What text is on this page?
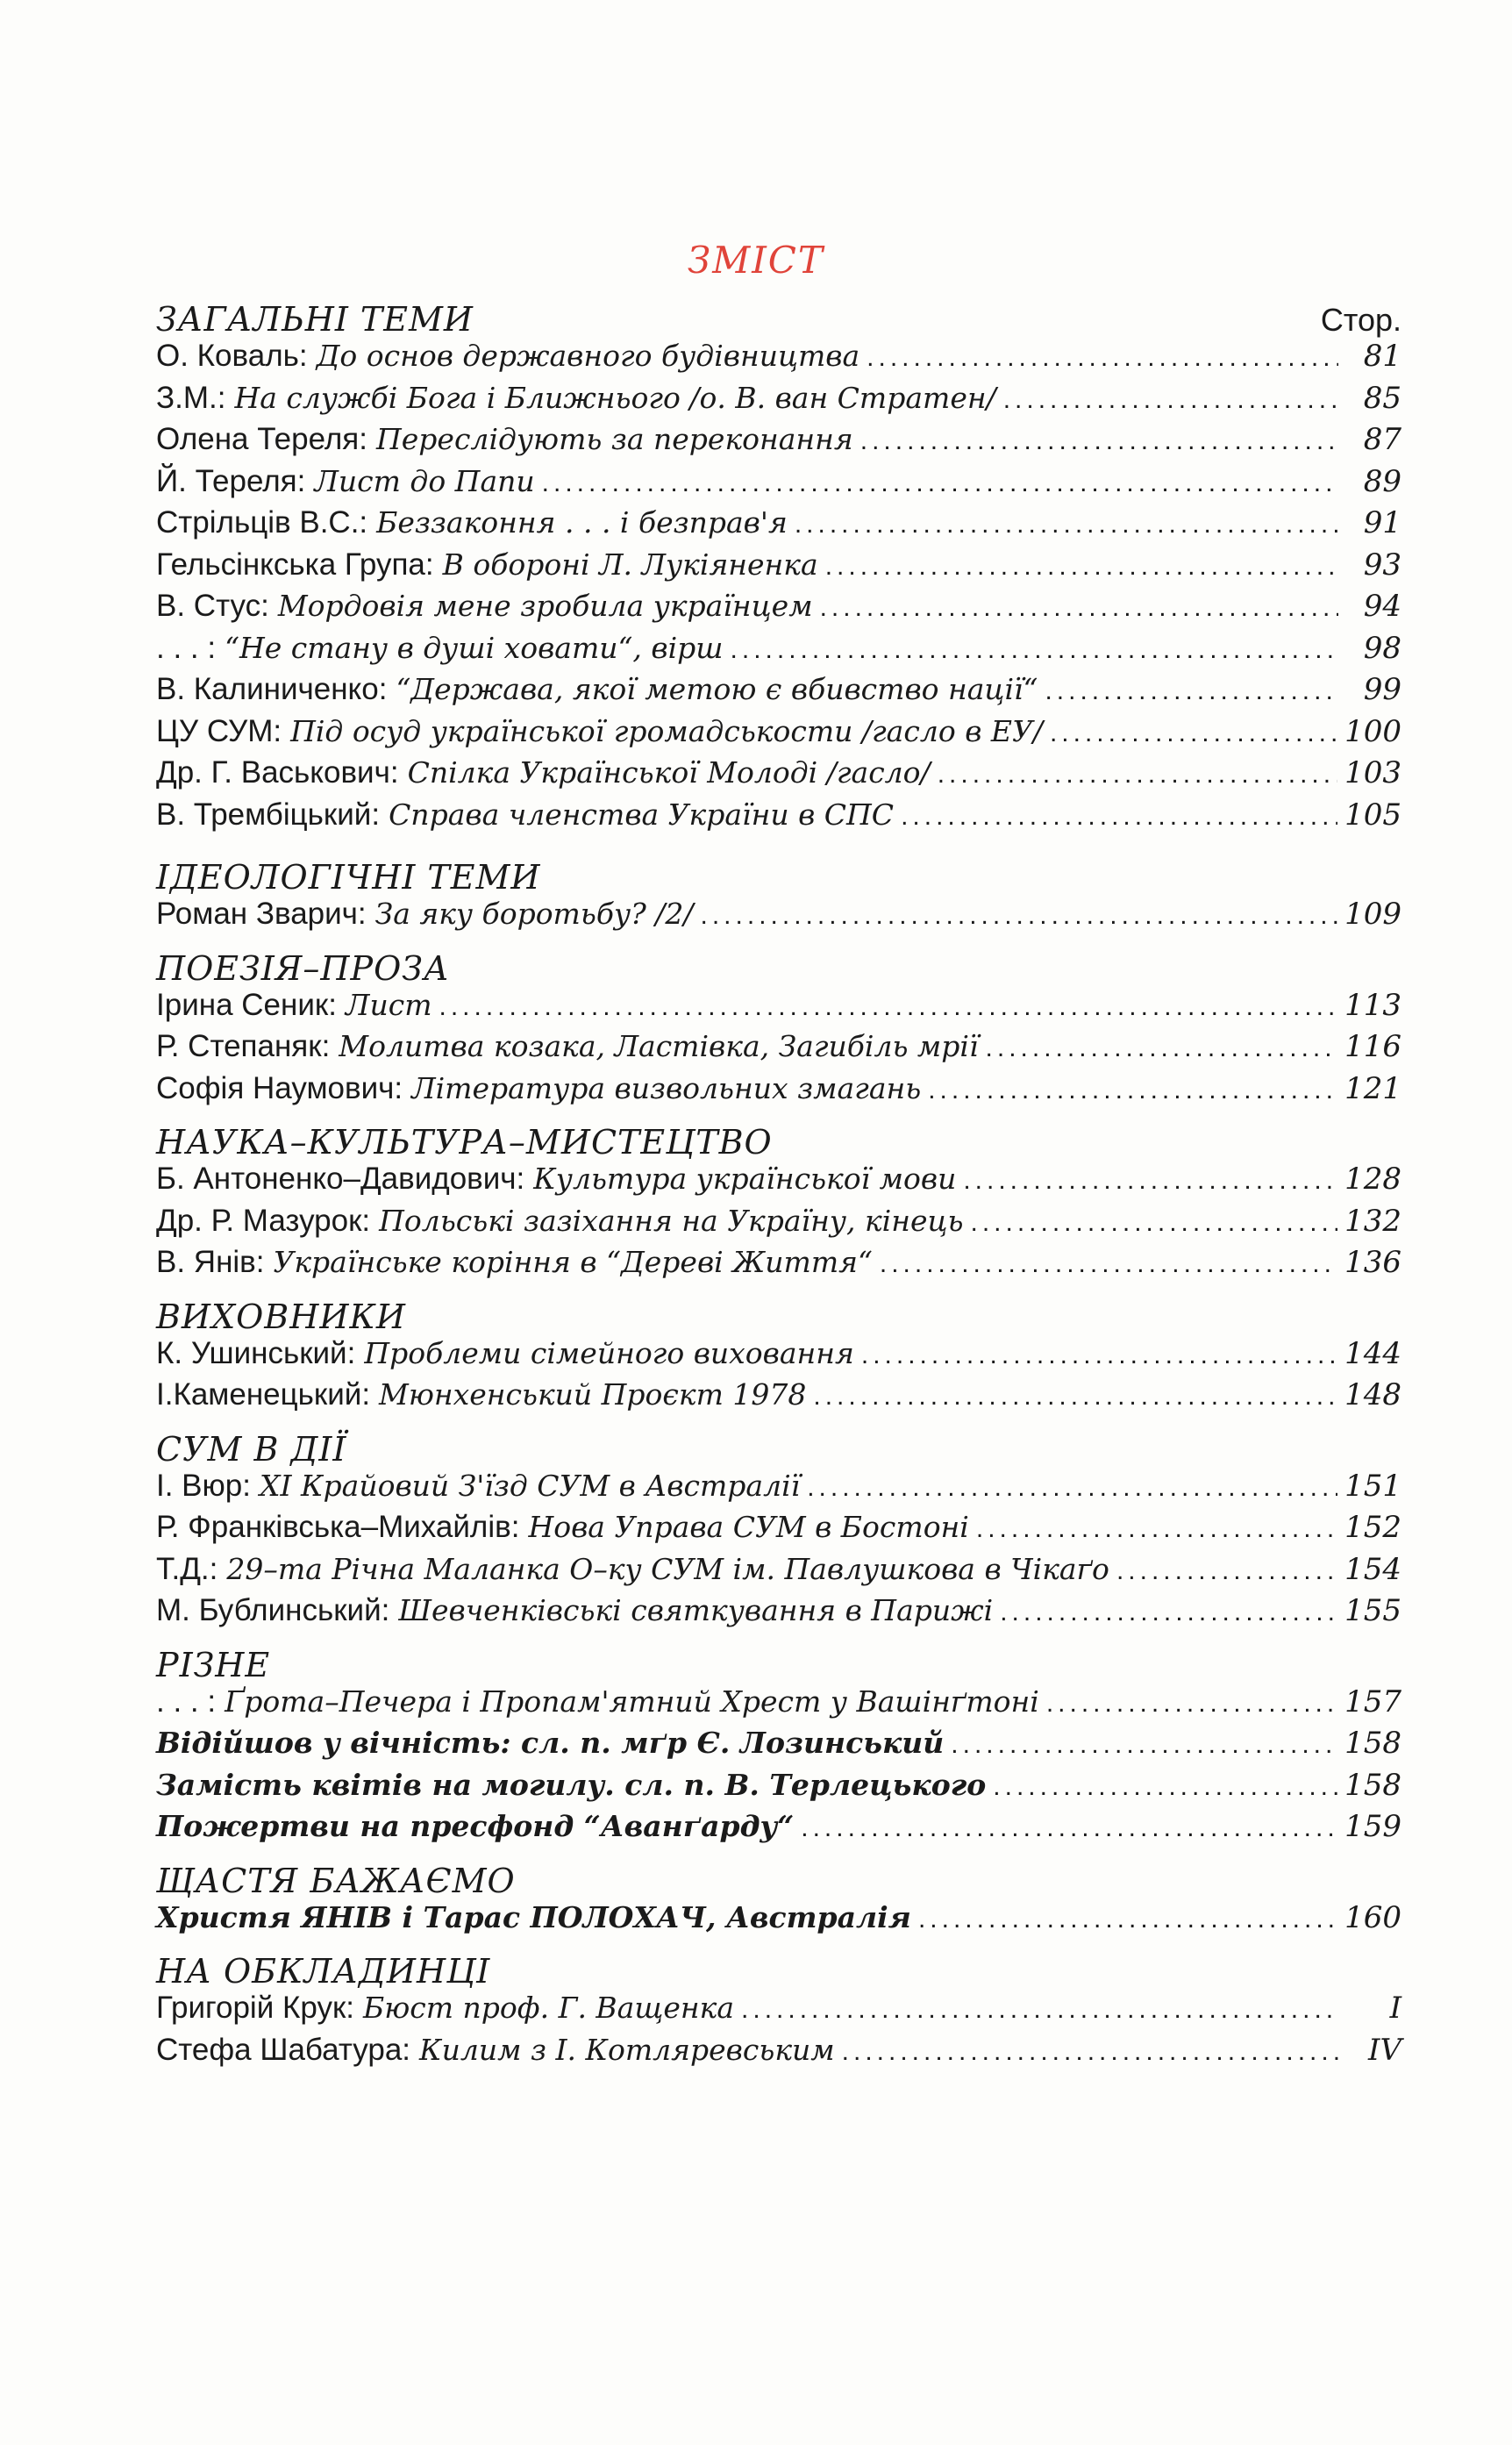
ЗМІСТ
ЗАГАЛЬНІ ТЕМИ	Стор.
О. Коваль: До основ державного будівництва .....	81
З.М.: На службі Бога і Ближнього /о. В. ван Стратен/ .....	85
Олена Тереля: Переслідують за переконання .....	87
Й. Тереля: Лист до Папи .....	89
Стрільців В.С.: Беззаконня . . . і безправ'я .....	91
Гельсінкська Група: В обороні Л. Лукіяненка .....	93
В. Стус: Мордовія мене зробила українцем .....	94
. . . : “Не стану в душі ховати“, вірш .....	98
В. Калиниченко: “Держава, якої метою є вбивство нації“ .....	99
ЦУ СУМ: Під осуд української громадськости /гасло в ЕУ/ .....	100
Др. Г. Васькович: Спілка Української Молоді /гасло/ .....	103
В. Трембіцький: Справа членства України в СПС .....	105
ІДЕОЛОГІЧНІ ТЕМИ
Роман Зварич: За яку боротьбу? /2/ .....	109
ПОЕЗІЯ–ПРОЗА
Ірина Сеник: Лист .....	113
Р. Степаняк: Молитва козака, Ластівка, Загибіль мрії .....	116
Софія Наумович: Література визвольних змагань .....	121
НАУКА–КУЛЬТУРА–МИСТЕЦТВО
Б. Антоненко–Давидович: Культура української мови .....	128
Др. Р. Мазурок: Польські зазіхання на Україну, кінець .....	132
В. Янів: Українське коріння в “Дереві Життя“ .....	136
ВИХОВНИКИ
К. Ушинський: Проблеми сімейного виховання .....	144
І.Каменецький: Мюнхенський Проєкт 1978 .....	148
СУМ В ДІЇ
І. Вюр: XI Крайовий З'їзд СУМ в Австралії .....	151
Р. Франківська–Михайлів: Нова Управа СУМ в Бостоні .....	152
Т.Д.: 29–та Річна Маланка О–ку СУМ ім. Павлушкова в Чікаґо .....	154
М. Бублинський: Шевченківські святкування в Парижі .....	155
РІЗНЕ
. . . : Ґрота–Печера і Пропам'ятний Хрест у Вашінґтоні .....	157
Відійшов у вічність: сл. п. мґр Є. Лозинський .....	158
Замість квітів на могилу. сл. п. В. Терлецького .....	158
Пожертви на пресфонд “Аванґарду“ .....	159
ЩАСТЯ БАЖАЄМО
Христя ЯНІВ і Тарас ПОЛОХАЧ, Австралія .....	160
НА ОБКЛАДИНЦІ
Григорій Крук: Бюст проф. Г. Ващенка .....	I
Стефа Шабатура: Килим з І. Котляревським .....	IV
